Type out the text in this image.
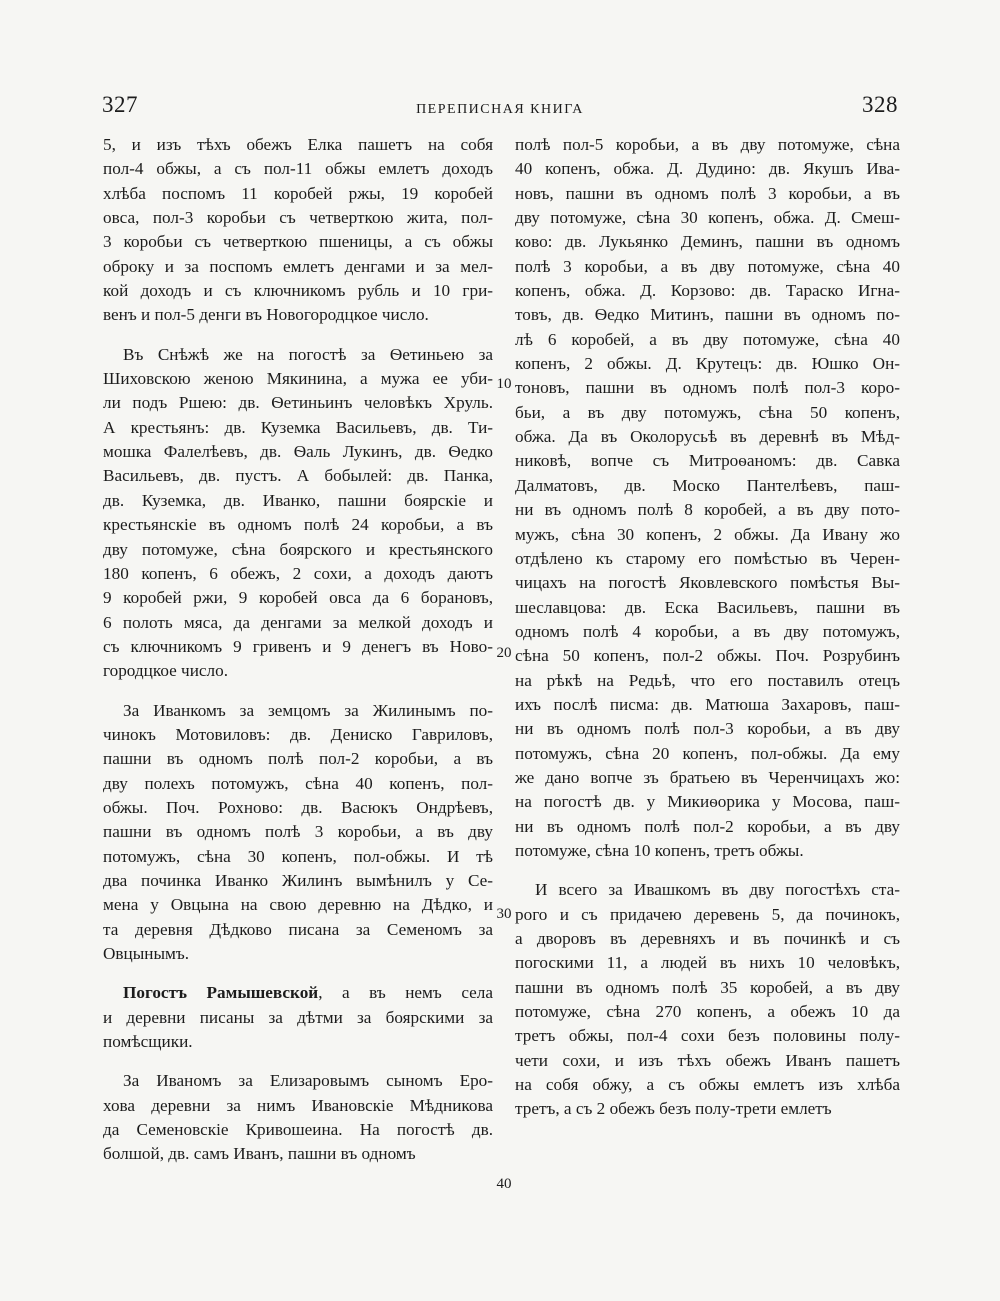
327	ПЕРЕПИСНАЯ КНИГА	328
10
20
30
40
5, и изъ тѣхъ обежъ Елка пашетъ на собя
пол-4 обжы, а съ пол-11 обжы емлетъ доходъ
хлѣба поспомъ 11 коробей ржы, 19 коробей
овса, пол-3 коробьи съ четверткою жита, пол-
3 коробьи съ четверткою пшеницы, а съ обжы
оброку и за поспомъ емлетъ денгами и за мел-
кой доходъ и съ ключникомъ рубль и 10 гри-
венъ и пол-5 денги въ Новогородцкое число.
Въ Снѣжѣ же на погостѣ за Ѳетиньею за
Шиховскою женою Мякинина, а мужа ее уби-
ли подъ Ршею: дв. Ѳетиньинъ человѣкъ Хруль.
А крестьянъ: дв. Куземка Васильевъ, дв. Ти-
мошка Фалелѣевъ, дв. Ѳаль Лукинъ, дв. Ѳедко
Васильевъ, дв. пустъ. А бобылей: дв. Панка,
дв. Куземка, дв. Иванко, пашни боярскіе и
крестьянскіе въ одномъ полѣ 24 коробьи, а въ
дву потомуже, сѣна боярского и крестьянского
180 копенъ, 6 обежъ, 2 сохи, а доходъ даютъ
9 коробей ржи, 9 коробей овса да 6 борановъ,
6 полоть мяса, да денгами за мелкой доходъ и
съ ключникомъ 9 гривенъ и 9 денегъ въ Ново-
городцкое число.
За Иванкомъ за земцомъ за Жилинымъ по-
чинокъ Мотовиловъ: дв. Дениско Гавриловъ,
пашни въ одномъ полѣ пол-2 коробьи, а въ
дву полехъ потомужъ, сѣна 40 копенъ, пол-
обжы. Поч. Рохново: дв. Васюкъ Ондрѣевъ,
пашни въ одномъ полѣ 3 коробьи, а въ дву
потомужъ, сѣна 30 копенъ, пол-обжы. И тѣ
два починка Иванко Жилинъ вымѣнилъ у Се-
мена у Овцына на свою деревню на Дѣдко, и
та деревня Дѣдково писана за Семеномъ за
Овцынымъ.
Погостъ Рамышевской, а въ немъ села
и деревни писаны за дѣтми за боярскими за
помѣсщики.
За Иваномъ за Елизаровымъ сыномъ Еро-
хова деревни за нимъ Ивановскіе Мѣдникова
да Семеновскіе Кривошеина. На погостѣ дв.
болшой, дв. самъ Иванъ, пашни въ одномъ
полѣ пол-5 коробьи, а въ дву потомуже, сѣна
40 копенъ, обжа. Д. Дудино: дв. Якушъ Ива-
новъ, пашни въ одномъ полѣ 3 коробьи, а въ
дву потомуже, сѣна 30 копенъ, обжа. Д. Смеш-
ково: дв. Лукьянко Деминъ, пашни въ одномъ
полѣ 3 коробьи, а въ дву потомуже, сѣна 40
копенъ, обжа. Д. Корзово: дв. Тараско Игна-
товъ, дв. Ѳедко Митинъ, пашни въ одномъ по-
лѣ 6 коробей, а въ дву потомуже, сѣна 40
копенъ, 2 обжы. Д. Крутецъ: дв. Юшко Он-
тоновъ, пашни въ одномъ полѣ пол-3 коро-
бьи, а въ дву потомужъ, сѣна 50 копенъ,
обжа. Да въ Околорусьѣ въ деревнѣ въ Мѣд-
никовѣ, вопче съ Митроѳаномъ: дв. Савка
Далматовъ, дв. Моско Пантелѣевъ, паш-
ни въ одномъ полѣ 8 коробей, а въ дву пото-
мужъ, сѣна 30 копенъ, 2 обжы. Да Ивану жо
отдѣлено къ старому его помѣстью въ Черен-
чицахъ на погостѣ Яковлевского помѣстья Вы-
шеславцова: дв. Еска Васильевъ, пашни въ
одномъ полѣ 4 коробьи, а въ дву потомужъ,
сѣна 50 копенъ, пол-2 обжы. Поч. Розрубинъ
на рѣкѣ на Редьѣ, что его поставилъ отецъ
ихъ послѣ писма: дв. Матюша Захаровъ, паш-
ни въ одномъ полѣ пол-3 коробьи, а въ дву
потомужъ, сѣна 20 копенъ, пол-обжы. Да ему
же дано вопче зъ братьею въ Черенчицахъ жо:
на погостѣ дв. у Микиѳорика у Мосова, паш-
ни въ одномъ полѣ пол-2 коробьи, а въ дву
потомуже, сѣна 10 копенъ, третъ обжы.
И всего за Ивашкомъ въ дву погостѣхъ ста-
рого и съ придачею деревень 5, да починокъ,
а дворовъ въ деревняхъ и въ починкѣ и съ
погоскими 11, а людей въ нихъ 10 человѣкъ,
пашни въ одномъ полѣ 35 коробей, а въ дву
потомуже, сѣна 270 копенъ, а обежъ 10 да
третъ обжы, пол-4 сохи безъ половины полу-
чети сохи, и изъ тѣхъ обежъ Иванъ пашетъ
на собя обжу, а съ обжы емлетъ изъ хлѣба
третъ, а съ 2 обежъ безъ полу-трети емлетъ
